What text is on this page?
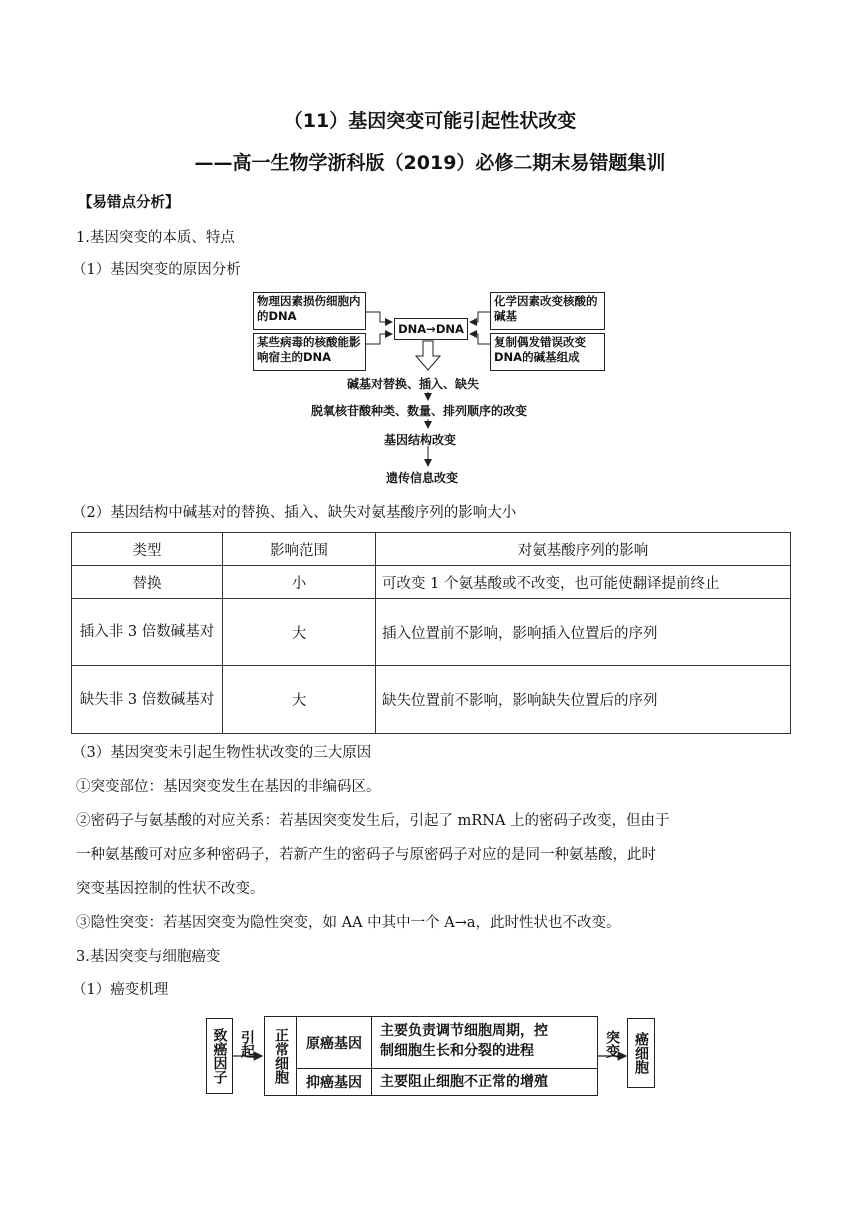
（11）基因突变可能引起性状改变
——高一生物学浙科版（2019）必修二期末易错题集训
【易错点分析】
1.基因突变的本质、特点
（1）基因突变的原因分析
物理因素损伤细胞内的DNA
某些病毒的核酸能影响宿主的DNA
DNA→DNA
化学因素改变核酸的碱基
复制偶发错误改变DNA的碱基组成
碱基对替换、插入、缺失
脱氧核苷酸种类、数量、排列顺序的改变
基因结构改变
遗传信息改变
（2）基因结构中碱基对的替换、插入、缺失对氨基酸序列的影响大小
类型	影响范围	对氨基酸序列的影响
替换	小	可改变 1 个氨基酸或不改变，也可能使翻译提前终止
插入非 3 倍数碱基对	大	插入位置前不影响，影响插入位置后的序列
缺失非 3 倍数碱基对	大	缺失位置前不影响，影响缺失位置后的序列
（3）基因突变未引起生物性状改变的三大原因
①突变部位：基因突变发生在基因的非编码区。
②密码子与氨基酸的对应关系：若基因突变发生后，引起了 mRNA 上的密码子改变，但由于
一种氨基酸可对应多种密码子，若新产生的密码子与原密码子对应的是同一种氨基酸，此时
突变基因控制的性状不改变。
③隐性突变：若基因突变为隐性突变，如 AA 中其中一个 A→a，此时性状也不改变。
3.基因突变与细胞癌变
（1）癌变机理
致癌因子 引起 正常细胞	原癌基因
主要负责调节细胞周期，控
制细胞生长和分裂的进程
抑癌基因	主要阻止细胞不正常的增殖
突变 癌细胞
